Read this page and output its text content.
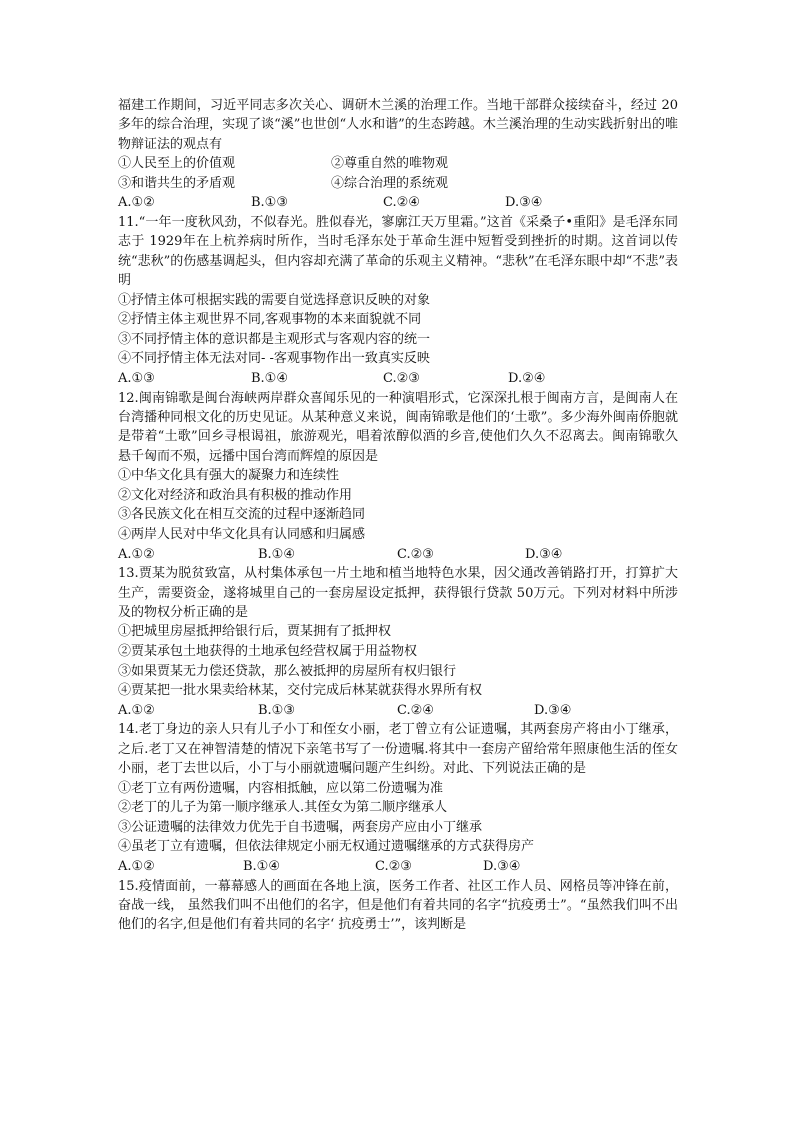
福建工作期间，习近平同志多次关心、调研木兰溪的治理工作。当地干部群众接续奋斗，经过 20多年的综合治理，实现了谈“溪”也世创“人水和谐”的生态跨越。木兰溪治理的生动实践折射出的唯物辩证法的观点有

①人民至上的价值观	②尊重自然的唯物观
③和谐共生的矛盾观	④综合治理的系统观
A.①②	B.①③	C.②④	D.③④

11.“一年一度秋风劲，不似春光。胜似春光，寥廓江天万里霜。”这首《采桑子•重阳》是毛泽东同志于 1929年在上杭养病时所作，当时毛泽东处于革命生涯中短暂受到挫折的时期。这首词以传统“悲秋”的伤感基调起头，但内容却充满了革命的乐观主义精神。“悲秋”在毛泽东眼中却“不悲”表明

①抒情主体可根据实践的需要自觉选择意识反映的对象

②抒情主体主观世界不同,客观事物的本来面貌就不同

③不同抒情主体的意识都是主观形式与客观内容的统一

④不同抒情主体无法对同- -客观事物作出一致真实反映

A.①③	B.①④	C.②③	D.②④

12.闽南锦歌是闽台海峡两岸群众喜闻乐见的一种演唱形式，它深深扎根于闽南方言，是闽南人在台湾播种同根文化的历史见证。从某种意义来说，闽南锦歌是他们的‘土歌”。多少海外闽南侨胞就是带着“土歌”回乡寻根谒祖，旅游观光，唱着浓醇似酒的乡音,使他们久久不忍离去。闽南锦歌久悬千匈而不殒，远播中国台湾而辉煌的原因是

①中华文化具有强大的凝聚力和连续性

②文化对经济和政治具有积极的推动作用

③各民族文化在相互交流的过程中逐渐趋同

④两岸人民对中华文化具有认同感和归属感

A.①②	B.①④	C.②③	D.③④

13.贾某为脱贫致富，从村集体承包一片土地和植当地特色水果，因父通改善销路打开，打算扩大生产，需要资金，遂将城里自己的一套房屋设定抵押，获得银行贷款 50万元。下列对材料中所涉及的物权分析正确的是

①把城里房屋抵押给银行后，贾某拥有了抵押权

②贾某承包土地获得的土地承包经营权属于用益物权

③如果贾某无力偿还贷款，那么被抵押的房屋所有权归银行

④贾某把一批水果卖给林某，交付完成后林某就获得水界所有权

A.①②	B.①③	C.②④	D.③④

14.老丁身边的亲人只有儿子小丁和侄女小丽，老丁曾立有公证遗嘱，其两套房产将由小丁继承，之后.老丁又在神智清楚的情况下亲笔书写了一份遗嘱.将其中一套房产留给常年照康他生活的侄女小丽，老丁去世以后，小丁与小丽就遗嘱问题产生纠纷。对此、下列说法正确的是

①老丁立有两份遗嘱，内容相抵触，应以第二份遗嘱为准

②老丁的儿子为第一顺序继承人.其侄女为第二顺序继承人

③公证遗嘱的法律效力优先于自书遗嘱，两套房产应由小丁继承

④虽老丁立有遗嘱，但依法律规定小丽无权通过遗嘱继承的方式获得房产

A.①②	B.①④	C.②③	D.③④

15.疫情面前，一幕幕感人的画面在各地上演，医务工作者、社区工作人员、网格员等冲锋在前，奋战一线， 虽然我们叫不出他们的名字，但是他们有着共同的名字“抗疫勇士”。“虽然我们叫不出他们的名字,但是他们有着共同的名字‘ 抗疫勇士’”，该判断是
